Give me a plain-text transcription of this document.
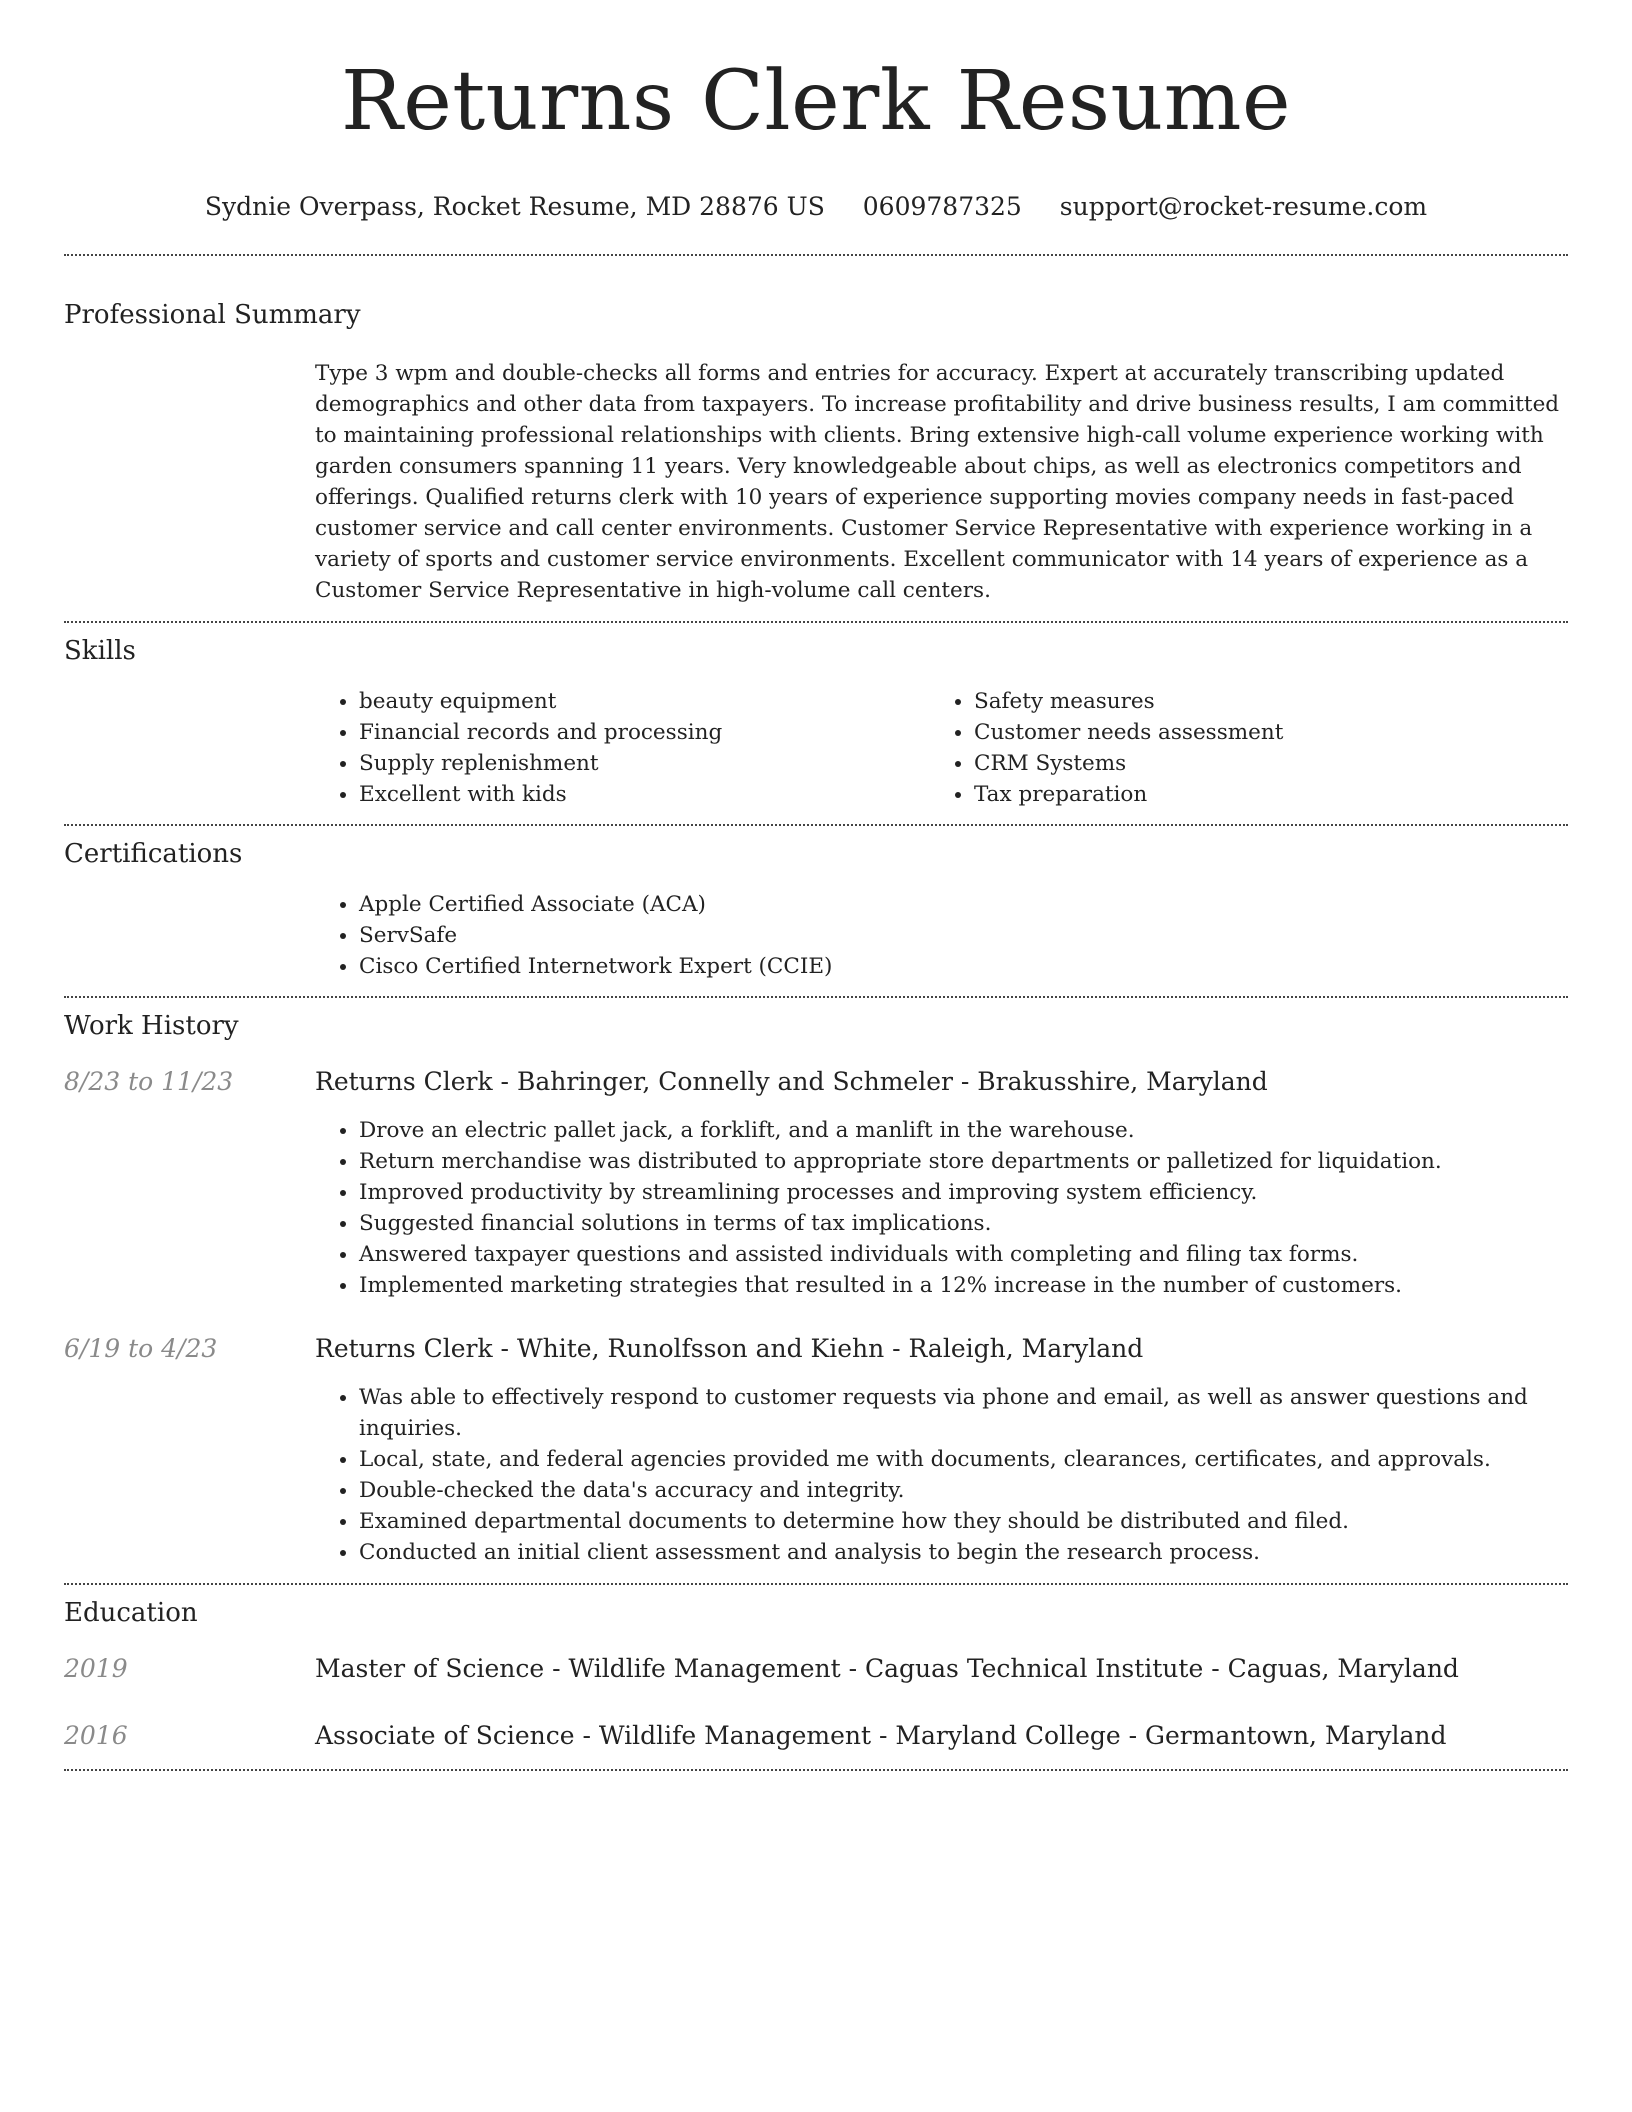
Returns Clerk Resume
Sydnie Overpass, Rocket Resume, MD 28876 US 0609787325 support@rocket-resume.com
Professional Summary

Type 3 wpm and double-checks all forms and entries for accuracy. Expert at accurately transcribing updated demographics and other data from taxpayers. To increase profitability and drive business results, I am committed to maintaining professional relationships with clients. Bring extensive high-call volume experience working with garden consumers spanning 11 years. Very knowledgeable about chips, as well as electronics competitors and offerings. Qualified returns clerk with 10 years of experience supporting movies company needs in fast-paced customer service and call center environments. Customer Service Representative with experience working in a variety of sports and customer service environments. Excellent communicator with 14 years of experience as a Customer Service Representative in high-volume call centers.

Skills
• beauty equipment
• Financial records and processing
• Supply replenishment
• Excellent with kids
• Safety measures
• Customer needs assessment
• CRM Systems
• Tax preparation
Certifications
• Apple Certified Associate (ACA)
• ServSafe
• Cisco Certified Internetwork Expert (CCIE)
Work History
8/23 to 11/23	Returns Clerk - Bahringer, Connelly and Schmeler - Brakusshire, Maryland
• Drove an electric pallet jack, a forklift, and a manlift in the warehouse.
• Return merchandise was distributed to appropriate store departments or palletized for liquidation.
• Improved productivity by streamlining processes and improving system efficiency.
• Suggested financial solutions in terms of tax implications.
• Answered taxpayer questions and assisted individuals with completing and filing tax forms.
• Implemented marketing strategies that resulted in a 12% increase in the number of customers.
6/19 to 4/23	Returns Clerk - White, Runolfsson and Kiehn - Raleigh, Maryland
• Was able to effectively respond to customer requests via phone and email, as well as answer questions and inquiries.
• Local, state, and federal agencies provided me with documents, clearances, certificates, and approvals.
• Double-checked the data's accuracy and integrity.
• Examined departmental documents to determine how they should be distributed and filed.
• Conducted an initial client assessment and analysis to begin the research process.
Education
2019	Master of Science - Wildlife Management - Caguas Technical Institute - Caguas, Maryland
2016	Associate of Science - Wildlife Management - Maryland College - Germantown, Maryland
